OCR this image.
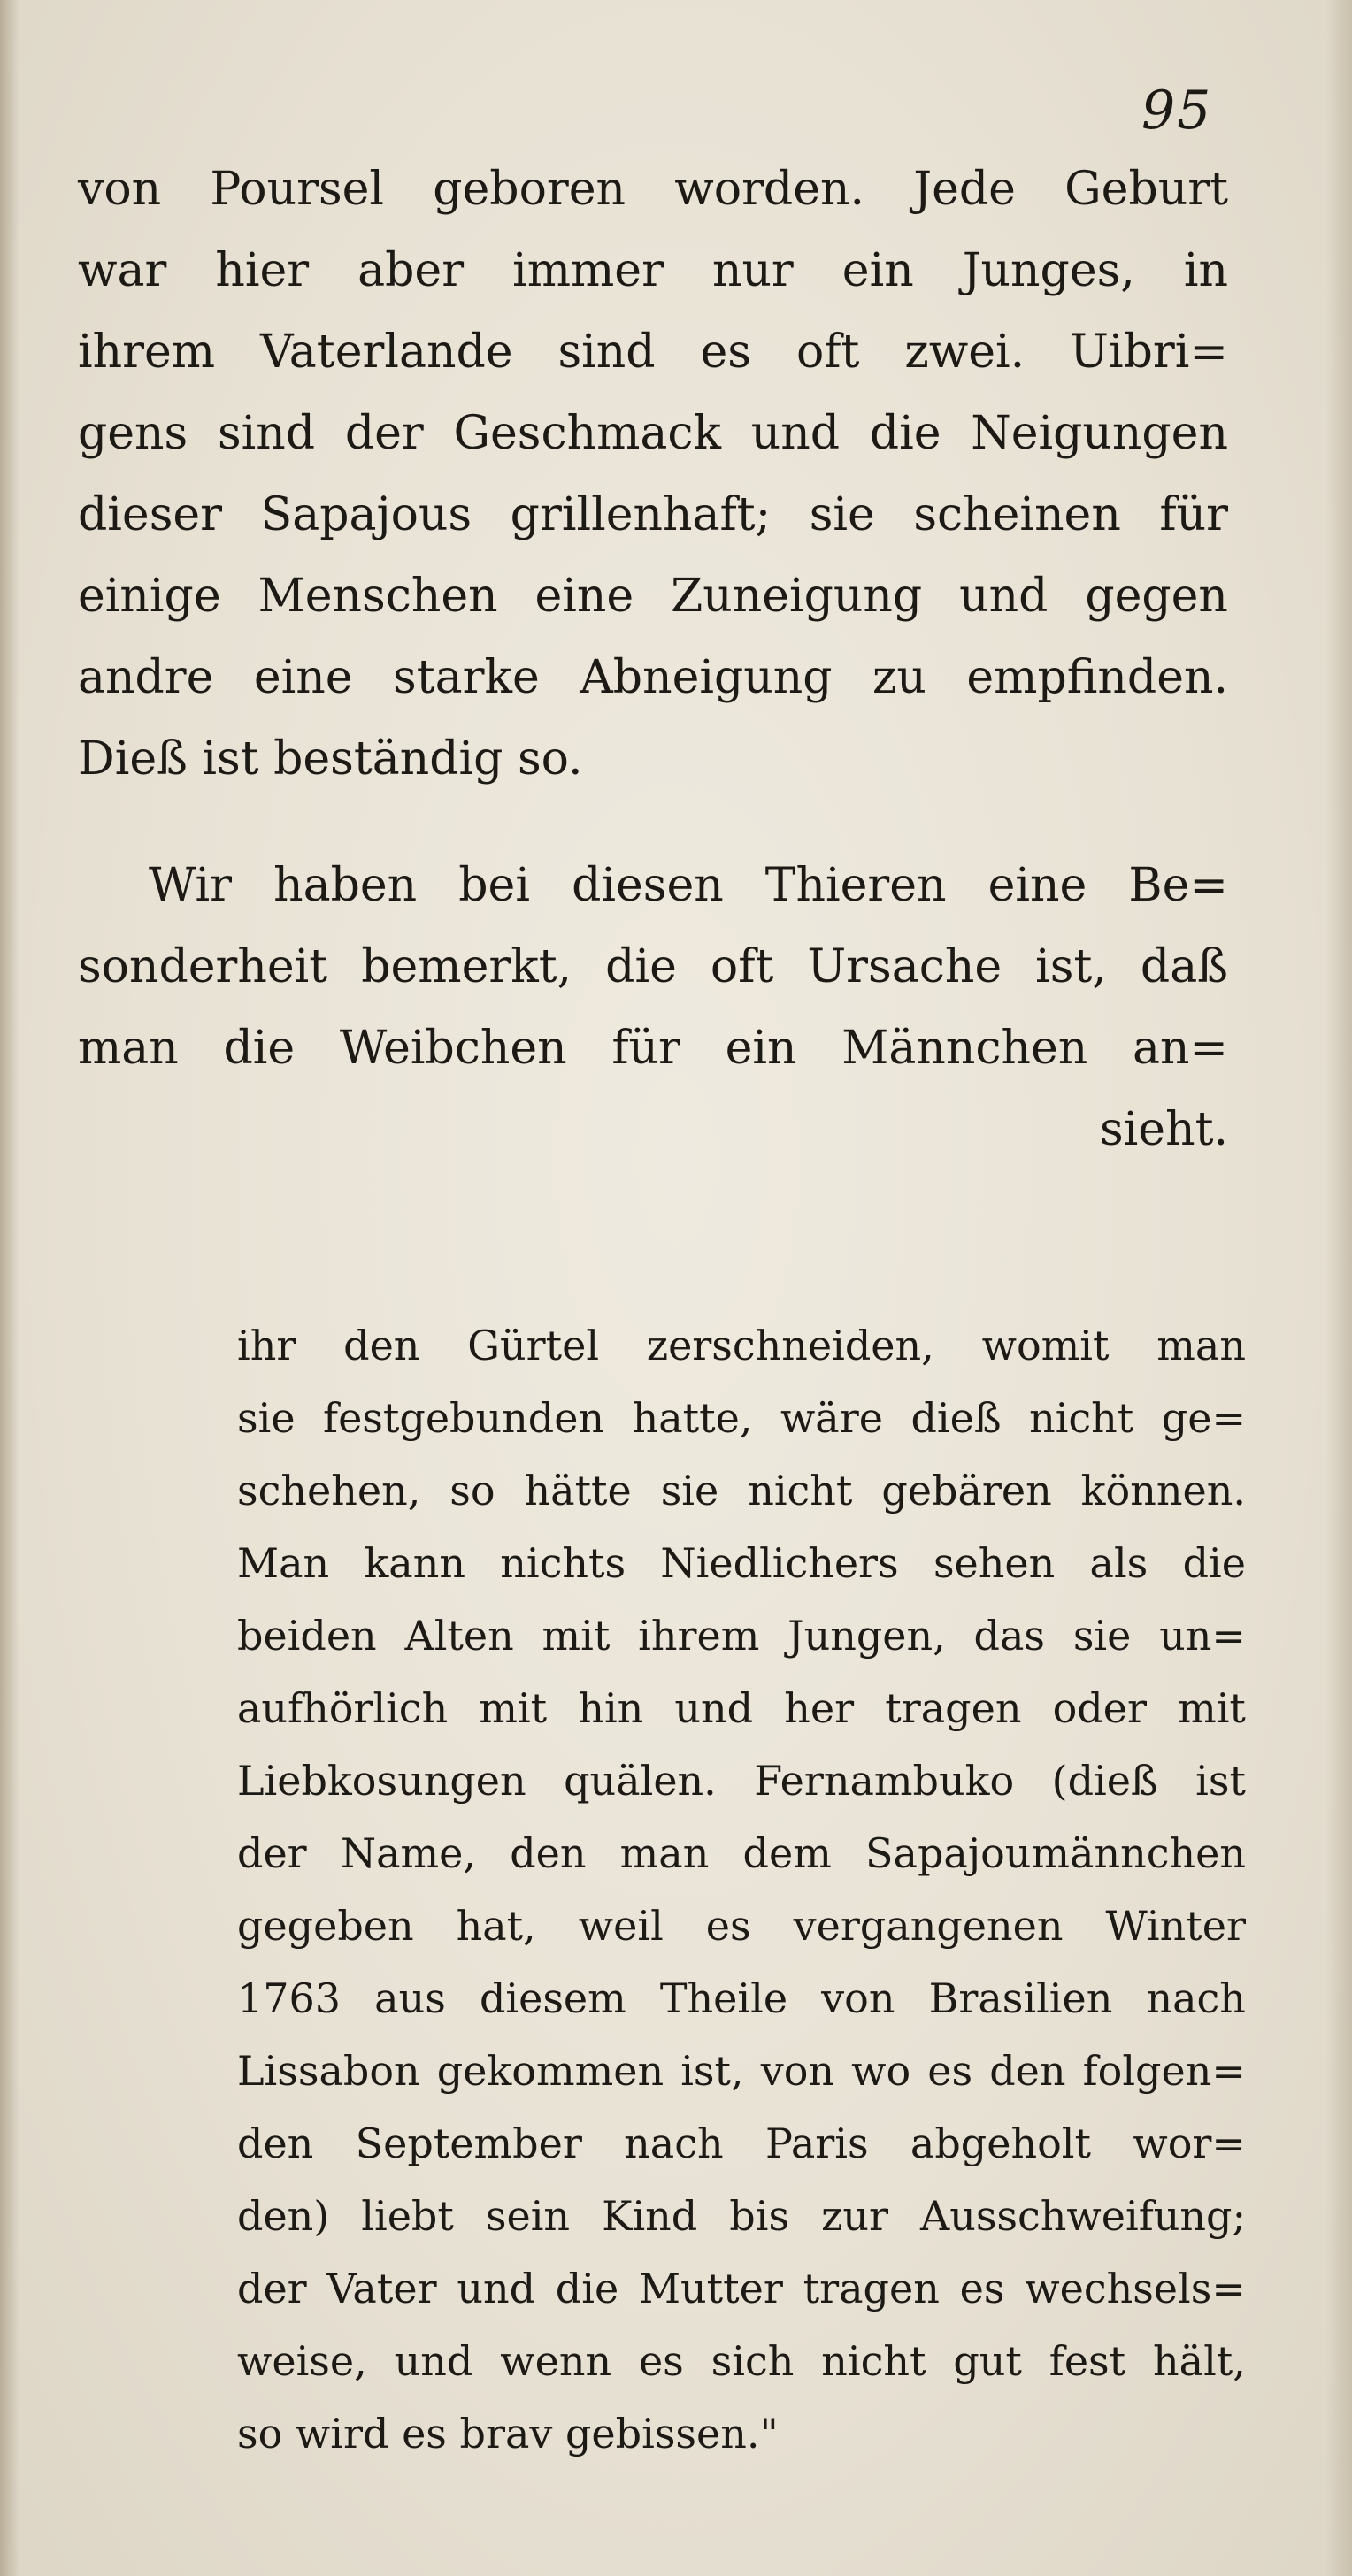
95
von Poursel geboren worden. Jede Geburt
war hier aber immer nur ein Junges, in
ihrem Vaterlande sind es oft zwei. Uibri=
gens sind der Geschmack und die Neigungen
dieser Sapajous grillenhaft; sie scheinen für
einige Menschen eine Zuneigung und gegen
andre eine starke Abneigung zu empfinden.
Dieß ist beständig so.
Wir haben bei diesen Thieren eine Be=
sonderheit bemerkt, die oft Ursache ist, daß
man die Weibchen für ein Männchen an=
sieht.
ihr den Gürtel zerschneiden, womit man
sie festgebunden hatte, wäre dieß nicht ge=
schehen, so hätte sie nicht gebären können.
Man kann nichts Niedlichers sehen als die
beiden Alten mit ihrem Jungen, das sie un=
aufhörlich mit hin und her tragen oder mit
Liebkosungen quälen. Fernambuko (dieß ist
der Name, den man dem Sapajoumännchen
gegeben hat, weil es vergangenen Winter
1763 aus diesem Theile von Brasilien nach
Lissabon gekommen ist, von wo es den folgen=
den September nach Paris abgeholt wor=
den) liebt sein Kind bis zur Ausschweifung;
der Vater und die Mutter tragen es wechsels=
weise, und wenn es sich nicht gut fest hält,
so wird es brav gebissen."
